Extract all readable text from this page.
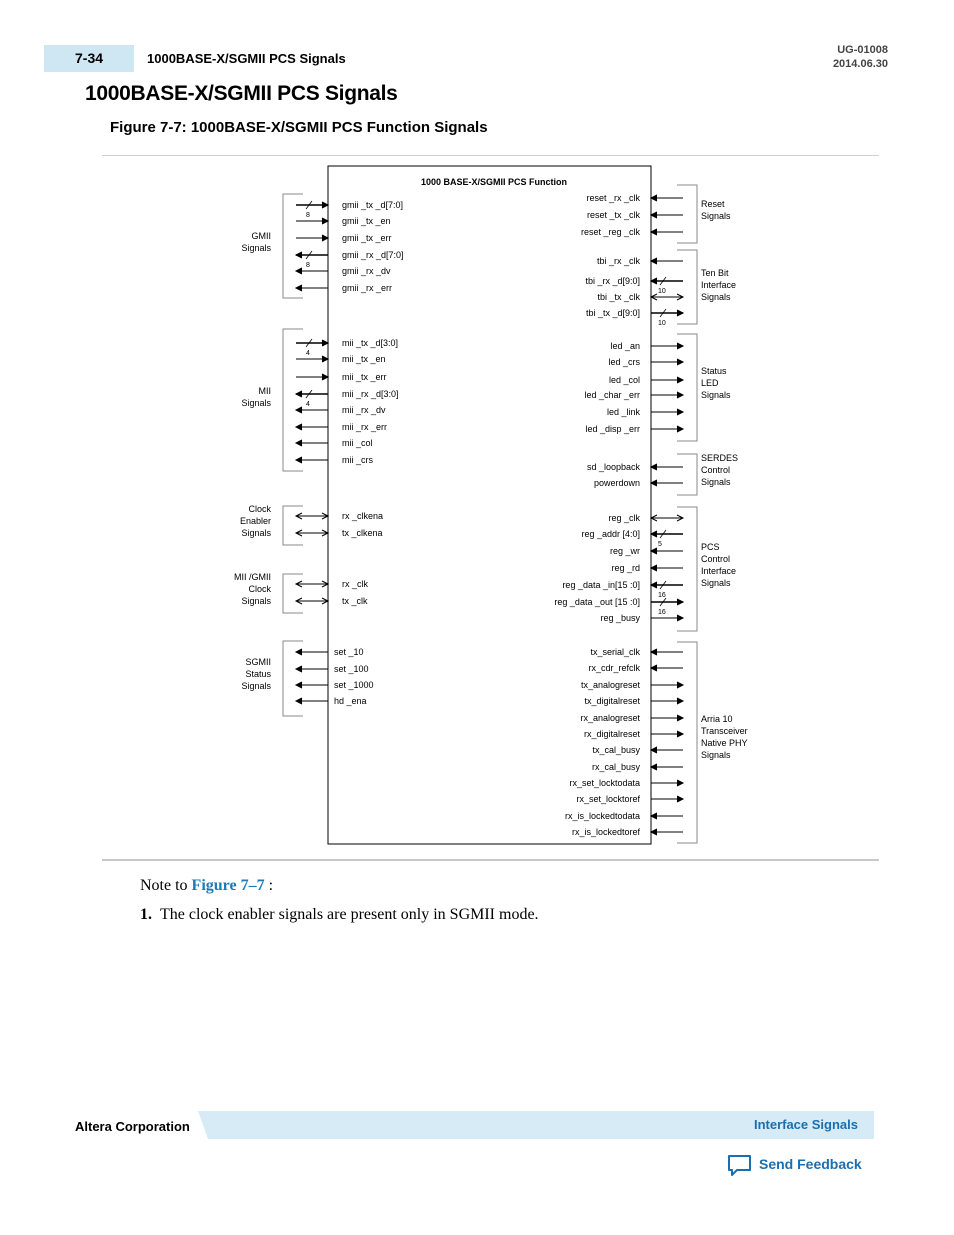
7-34	1000BASE-X/SGMII PCS Signals
UG-01008
2014.06.30
1000BASE-X/SGMII PCS Signals
Figure 7-7: 1000BASE-X/SGMII PCS Function Signals
1000 BASE-X/SGMII PCS Function
GMII
Signals
MII
Signals
Clock
Enabler
Signals
MII /GMII
Clock
Signals
SGMII
Status
Signals
Reset
Signals
Ten Bit
Interface
Signals
Status
LED
Signals
SERDES
Control
Signals
PCS
Control
Interface
Signals
Arria 10
Transceiver
Native PHY
Signals
8
gmii _tx _d[7:0]
gmii _tx _en
gmii _tx _err
8
gmii _rx _d[7:0]
gmii _rx _dv
gmii _rx _err
4
mii _tx _d[3:0]
mii _tx _en
mii _tx _err
4
mii _rx _d[3:0]
mii _rx _dv
mii _rx _err
mii _col
mii _crs
rx _clkena
tx _clkena
rx _clk
tx _clk
set _10
set _100
set _1000
hd _ena
reset _rx _clk
reset _tx _clk
reset _reg _clk
tbi _rx _clk
10
tbi _rx _d[9:0]
tbi _tx _clk
10
tbi _tx _d[9:0]
led _an
led _crs
led _col
led _char _err
led _link
led _disp _err
sd _loopback
powerdown
reg _clk
5
reg _addr [4:0]
reg _wr
reg _rd
16
reg _data _in[15 :0]
16
reg _data _out [15 :0]
reg _busy
tx_serial_clk
rx_cdr_refclk
tx_analogreset
tx_digitalreset
rx_analogreset
rx_digitalreset
tx_cal_busy
rx_cal_busy
rx_set_locktodata
rx_set_locktoref
rx_is_lockedtodata
rx_is_lockedtoref
Note to Figure 7–7 :
1. The clock enabler signals are present only in SGMII mode.
Altera Corporation	Interface Signals
Send Feedback
